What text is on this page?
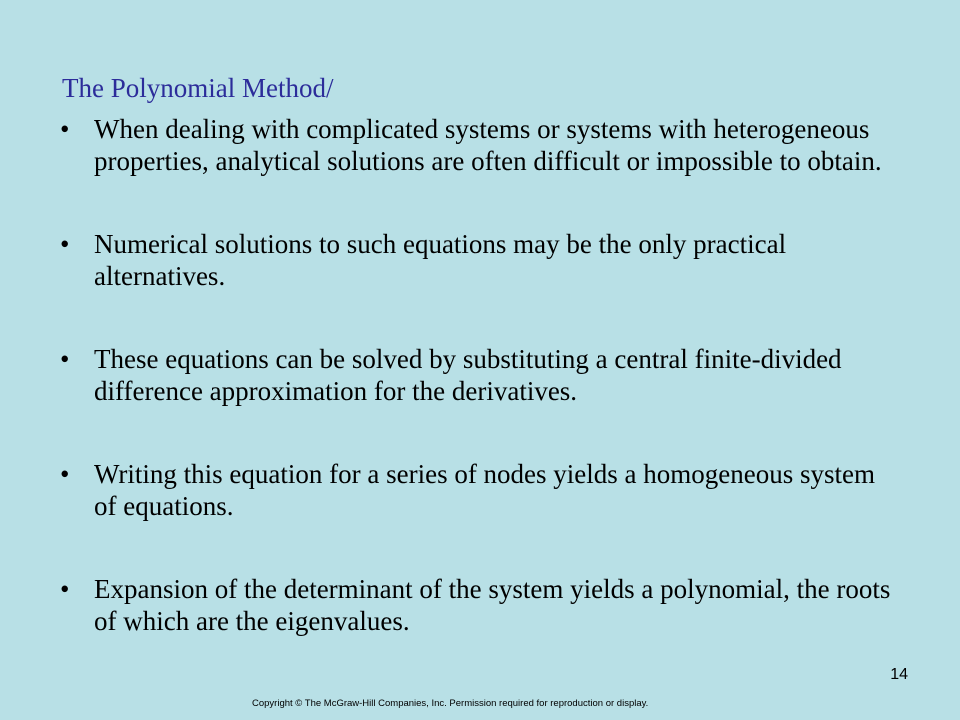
The Polynomial Method/
• When dealing with complicated systems or systems with heterogeneous properties, analytical solutions are often difficult or impossible to obtain.
• Numerical solutions to such equations may be the only practical alternatives.
• These equations can be solved by substituting a central finite-divided difference approximation for the derivatives.
• Writing this equation for a series of nodes yields a homogeneous system of equations.
• Expansion of the determinant of the system yields a polynomial, the roots of which are the eigenvalues.
14
Copyright © The McGraw-Hill Companies, Inc. Permission required for reproduction or display.
